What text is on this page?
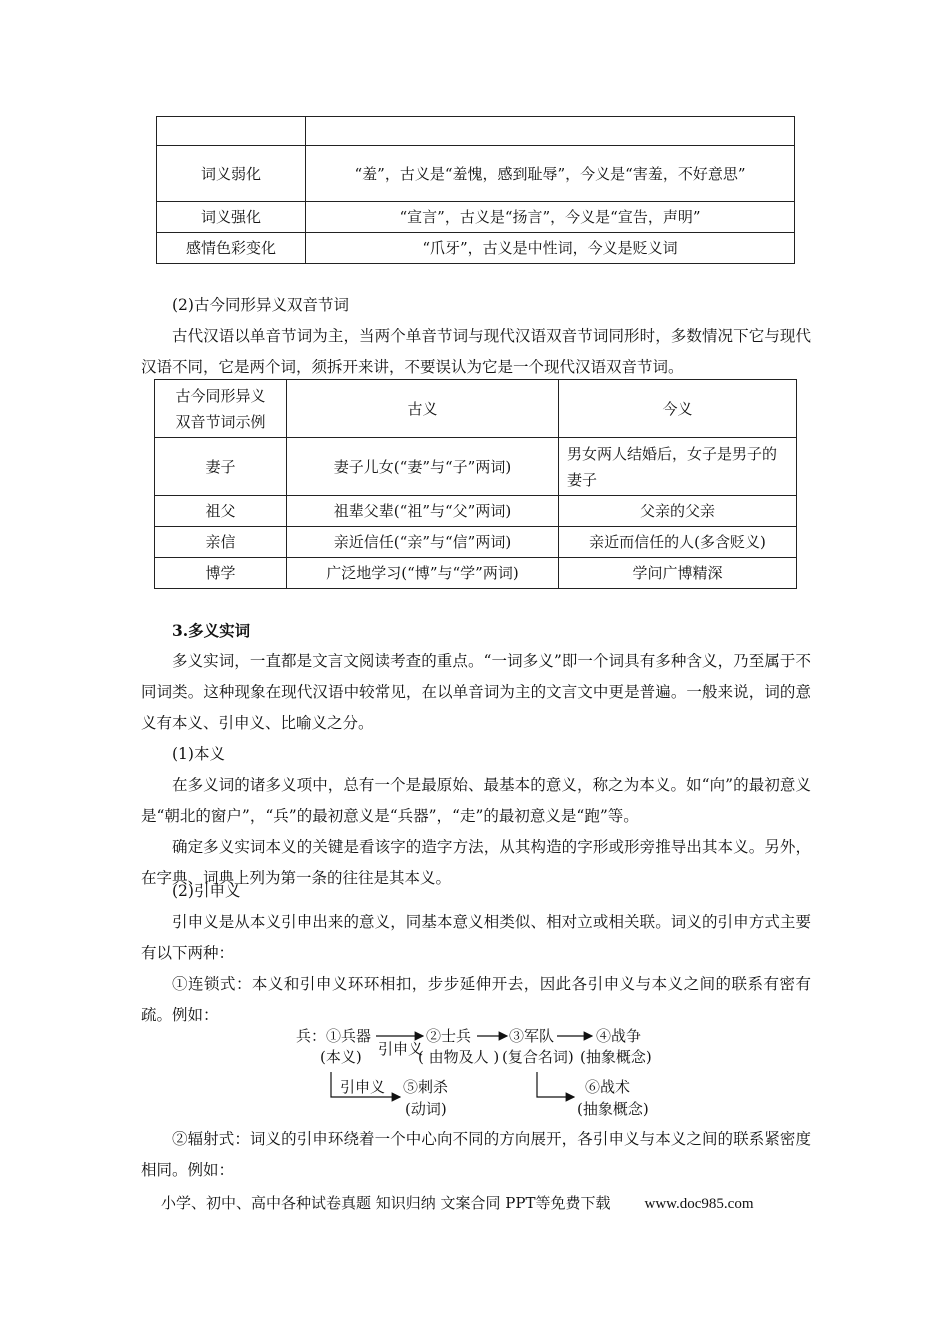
词义弱化	“羞”，古义是“羞愧，感到耻辱”，今义是“害羞，不好意思”
词义强化	“宣言”，古义是“扬言”，今义是“宣告，声明”
感情色彩变化	“爪牙”，古义是中性词，今义是贬义词
(2)古今同形异义双音节词
古代汉语以单音节词为主，当两个单音节词与现代汉语双音节词同形时，多数情况下它与现代汉语不同，它是两个词，须拆开来讲，不要误认为它是一个现代汉语双音节词。
古今同形异义双音节词示例	古义	今义
妻子	妻子儿女(“妻”与“子”两词)	男女两人结婚后，女子是男子的妻子
祖父	祖辈父辈(“祖”与“父”两词)	父亲的父亲
亲信	亲近信任(“亲”与“信”两词)	亲近而信任的人(多含贬义)
博学	广泛地学习(“博”与“学”两词)	学问广博精深
3.多义实词
多义实词，一直都是文言文阅读考查的重点。“一词多义”即一个词具有多种含义，乃至属于不同词类。这种现象在现代汉语中较常见，在以单音词为主的文言文中更是普遍。一般来说，词的意义有本义、引申义、比喻义之分。
(1)本义
在多义词的诸多义项中，总有一个是最原始、最基本的意义，称之为本义。如“向”的最初意义是“朝北的窗户”，“兵”的最初意义是“兵器”，“走”的最初意义是“跑”等。
确定多义实词本义的关键是看该字的造字方法，从其构造的字形或形旁推导出其本义。另外，在字典、词典上列为第一条的往往是其本义。
(2)引申义
引申义是从本义引申出来的意义，同基本意义相类似、相对立或相关联。词义的引申方式主要有以下两种：
①连锁式：本义和引申义环环相扣，步步延伸开去，因此各引申义与本义之间的联系有密有疏。例如：
兵：①兵器
(本义) 引申义
②士兵
( 由物及人 )
③军队
(复合名词)
④战争
(抽象概念)
引申义 ⑤刺杀
(动词)
⑥战术
(抽象概念)
②辐射式：词义的引申环绕着一个中心向不同的方向展开，各引申义与本义之间的联系紧密度相同。例如：
小学、初中、高中各种试卷真题 知识归纳 文案合同 PPT等免费下载 www.doc985.com
